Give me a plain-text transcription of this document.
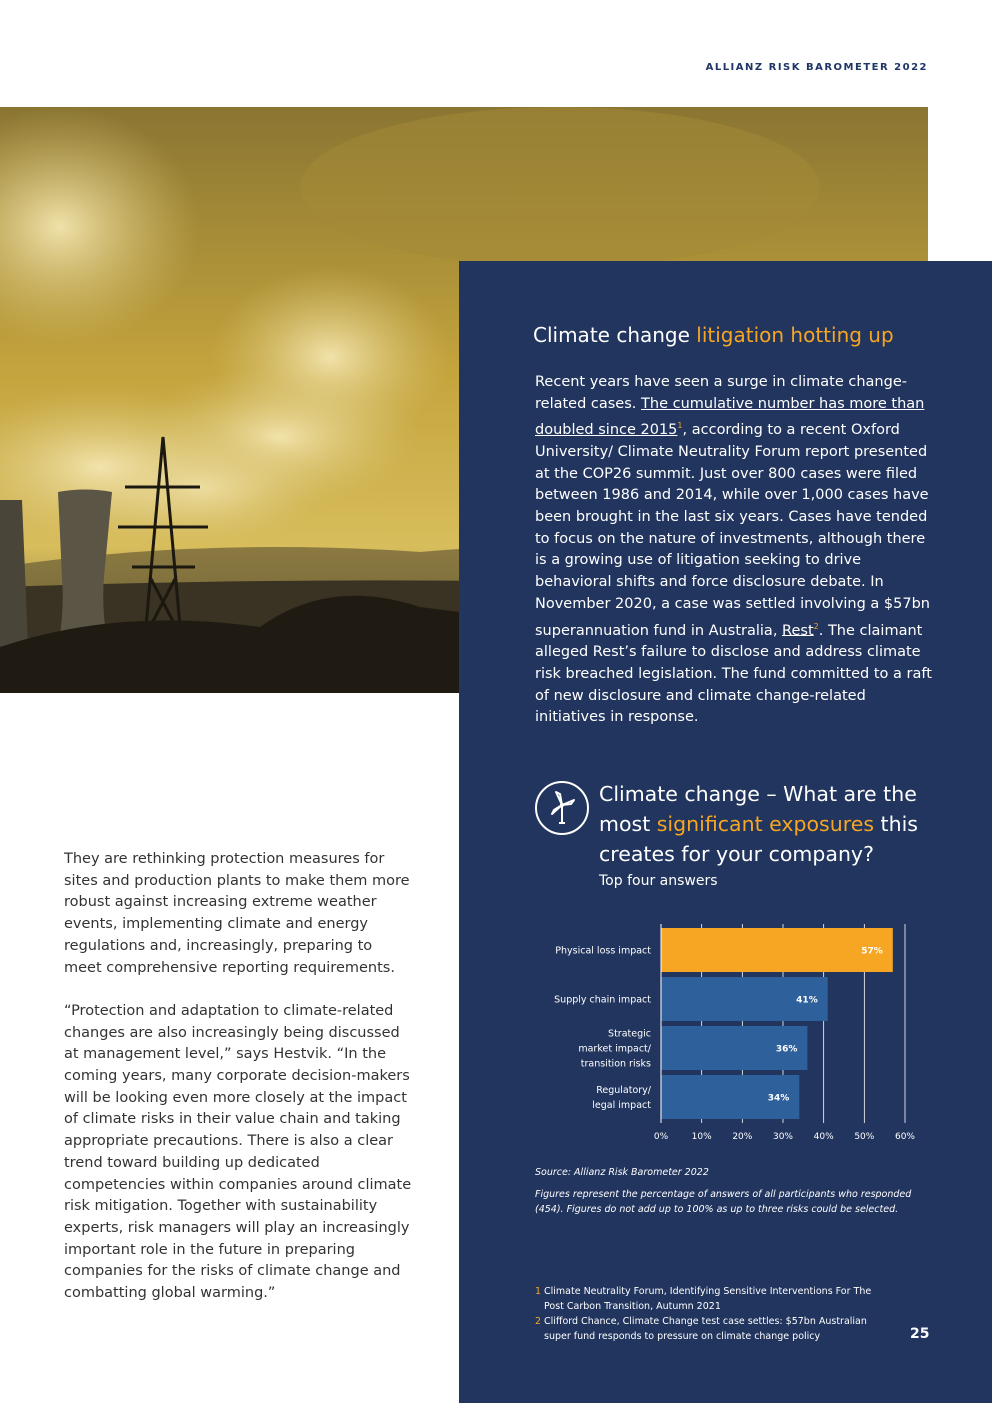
ALLIANZ RISK BAROMETER 2022
Climate change litigation hotting up
Recent years have seen a surge in climate change-related cases. The cumulative number has more than doubled since 2015$^1$, according to a recent Oxford University/ Climate Neutrality Forum report presented at the COP26 summit. Just over 800 cases were filed between 1986 and 2014, while over 1,000 cases have been brought in the last six years. Cases have tended to focus on the nature of investments, although there is a growing use of litigation seeking to drive behavioral shifts and force disclosure debate. In November 2020, a case was settled involving a $57bn superannuation fund in Australia, Rest$^2$. The claimant alleged Rest’s failure to disclose and address climate risk breached legislation. The fund committed to a raft of new disclosure and climate change-related initiatives in response.
Climate change – What are the most significant exposures this creates for your company?
Top four answers
0%	10% 20% 30% 40% 50% 60%
57%
Physical loss impact
41%
Supply chain impact
36%
Strategic market impact/ transition risks
34%
Regulatory/ legal impact
Source: Allianz Risk Barometer 2022
Figures represent the percentage of answers of all participants who responded (454). Figures do not add up to 100% as up to three risks could be selected.
1 Climate Neutrality Forum, Identifying Sensitive Interventions For The Post Carbon Transition, Autumn 2021
2 Clifford Chance, Climate Change test case settles: $57bn Australian super fund responds to pressure on climate change policy	25

They are rethinking protection measures for sites and production plants to make them more robust against increasing extreme weather events, implementing climate and energy regulations and, increasingly, preparing to meet comprehensive reporting requirements.

“Protection and adaptation to climate-related changes are also increasingly being discussed at management level,” says Hestvik. “In the coming years, many corporate decision-makers will be looking even more closely at the impact of climate risks in their value chain and taking appropriate precautions. There is also a clear trend toward building up dedicated competencies within companies around climate risk mitigation. Together with sustainability experts, risk managers will play an increasingly important role in the future in preparing companies for the risks of climate change and combatting global warming.”
